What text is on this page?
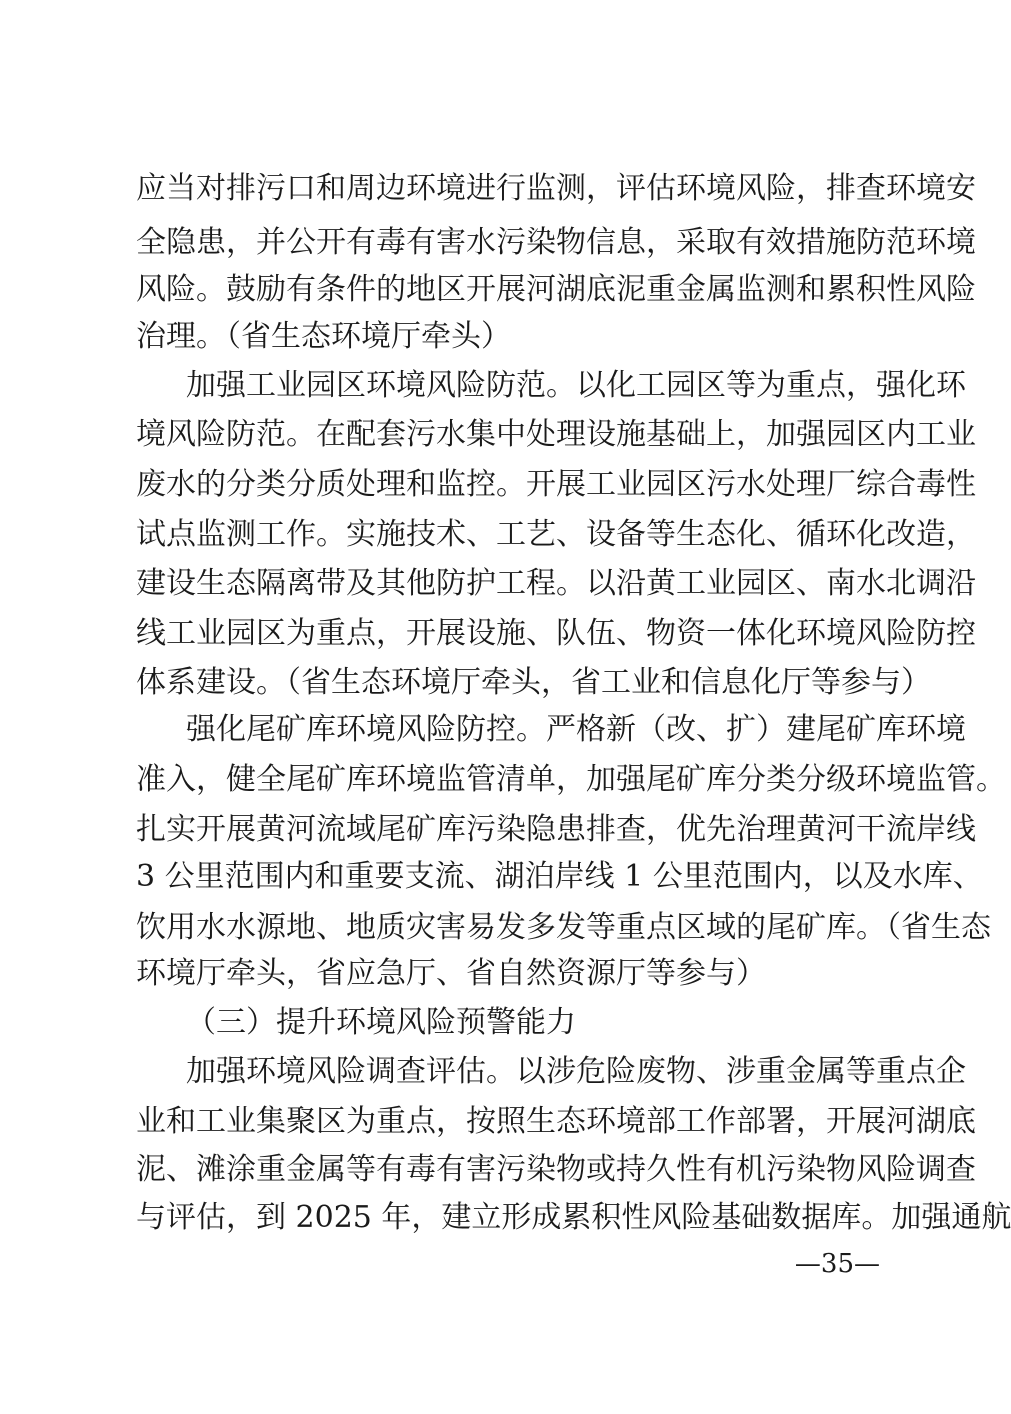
应当对排污口和周边环境进行监测，评估环境风险，排查环境安
全隐患，并公开有毒有害水污染物信息，采取有效措施防范环境
风险。鼓励有条件的地区开展河湖底泥重金属监测和累积性风险
治理。（省生态环境厅牵头）
加强工业园区环境风险防范。以化工园区等为重点，强化环
境风险防范。在配套污水集中处理设施基础上，加强园区内工业
废水的分类分质处理和监控。开展工业园区污水处理厂综合毒性
试点监测工作。实施技术、工艺、设备等生态化、循环化改造，
建设生态隔离带及其他防护工程。以沿黄工业园区、南水北调沿
线工业园区为重点，开展设施、队伍、物资一体化环境风险防控
体系建设。（省生态环境厅牵头，省工业和信息化厅等参与）
强化尾矿库环境风险防控。严格新（改、扩）建尾矿库环境
准入，健全尾矿库环境监管清单，加强尾矿库分类分级环境监管。
扎实开展黄河流域尾矿库污染隐患排查，优先治理黄河干流岸线
3 公里范围内和重要支流、湖泊岸线 1 公里范围内，以及水库、
饮用水水源地、地质灾害易发多发等重点区域的尾矿库。（省生态
环境厅牵头，省应急厅、省自然资源厅等参与）
（三）提升环境风险预警能力
加强环境风险调查评估。以涉危险废物、涉重金属等重点企
业和工业集聚区为重点，按照生态环境部工作部署，开展河湖底
泥、滩涂重金属等有毒有害污染物或持久性有机污染物风险调查
与评估，到 2025 年，建立形成累积性风险基础数据库。加强通航
—35—
